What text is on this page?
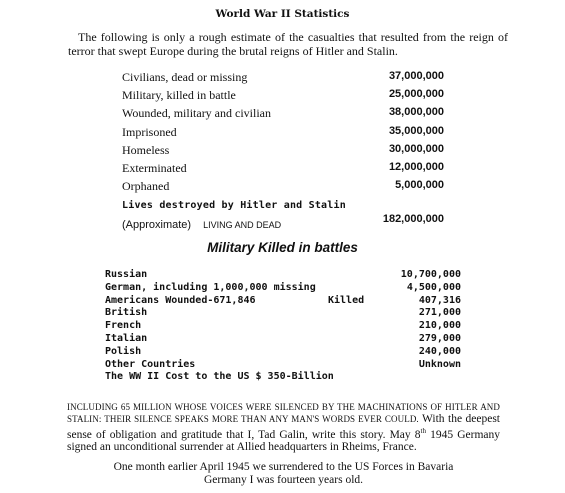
World War II Statistics
The following is only a rough estimate of the casualties that resulted from the reign of terror that swept Europe during the brutal reigns of Hitler and Stalin.
Civilians, dead or missing	37,000,000
Military, killed in battle	25,000,000
Wounded, military and civilian	38,000,000
Imprisoned	35,000,000
Homeless	30,000,000
Exterminated	12,000,000
Orphaned	5,000,000
Lives destroyed by Hitler and Stalin
(Approximate) LIVING AND DEAD	182,000,000
Military Killed in battles
Russian	10,700,000
German, including 1,000,000 missing	4,500,000
Americans Wounded-671,846	Killed	407,316
British	271,000
French	210,000
Italian	279,000
Polish	240,000
Other Countries	Unknown
The WW II Cost to the US $ 350-Billion
INCLUDING 65 MILLION WHOSE VOICES WERE SILENCED BY THE MACHINATIONS OF HITLER AND STALIN: THEIR SILENCE SPEAKS MORE THAN ANY MAN'S WORDS EVER COULD. With the deepest sense of obligation and gratitude that I, Tad Galin, write this story. May 8th 1945 Germany signed an unconditional surrender at Allied headquarters in Rheims, France.
One month earlier April 1945 we surrendered to the US Forces in Bavaria
Germany I was fourteen years old.
